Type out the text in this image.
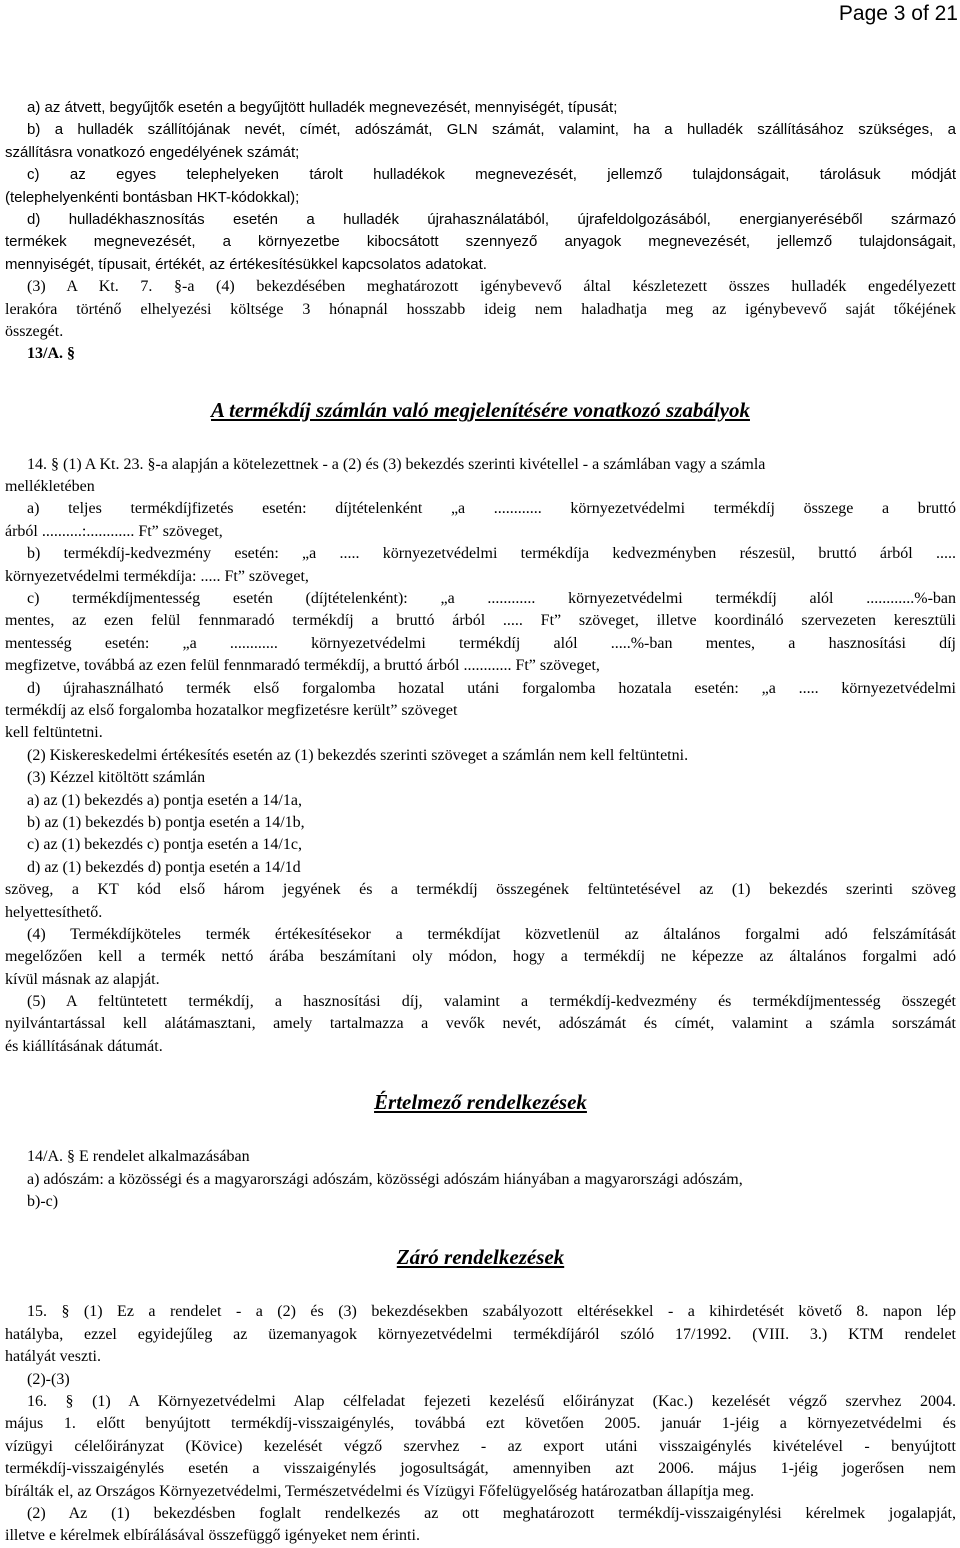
Page 3 of 21
a) az átvett, begyűjtők esetén a begyűjtött hulladék megnevezését, mennyiségét, típusát;
b) a hulladék szállítójának nevét, címét, adószámát, GLN számát, valamint, ha a hulladék szállításához szükséges, a
szállításra vonatkozó engedélyének számát;
c) az egyes telephelyeken tárolt hulladékok megnevezését, jellemző tulajdonságait, tárolásuk módját
(telephelyenkénti bontásban HKT-kódokkal);
d) hulladékhasznosítás esetén a hulladék újrahasználatából, újrafeldolgozásából, energianyeréséből származó
termékek megnevezését, a környezetbe kibocsátott szennyező anyagok megnevezését, jellemző tulajdonságait,
mennyiségét, típusait, értékét, az értékesítésükkel kapcsolatos adatokat.
(3) A Kt. 7. §-a (4) bekezdésében meghatározott igénybevevő által készletezett összes hulladék engedélyezett
lerakóra történő elhelyezési költsége 3 hónapnál hosszabb ideig nem haladhatja meg az igénybevevő saját tőkéjének
összegét.
13/A. §
A termékdíj számlán való megjelenítésére vonatkozó szabályok
14. § (1) A Kt. 23. §-a alapján a kötelezettnek - a (2) és (3) bekezdés szerinti kivétellel - a számlában vagy a számla
mellékletében
a) teljes termékdíjfizetés esetén: díjtételenként „a ............ környezetvédelmi termékdíj összege a bruttó
árból ..........:............ Ft” szöveget,
b) termékdíj-kedvezmény esetén: „a ..... környezetvédelmi termékdíja kedvezményben részesül, bruttó árból .....
környezetvédelmi termékdíja: ..... Ft” szöveget,
c) termékdíjmentesség esetén (díjtételenként): „a ............ környezetvédelmi termékdíj alól ............%-ban
mentes, az ezen felül fennmaradó termékdíj a bruttó árból ..... Ft” szöveget, illetve koordináló szervezeten keresztüli
mentesség esetén: „a ............ környezetvédelmi termékdíj alól .....%-ban mentes, a hasznosítási díj
megfizetve, továbbá az ezen felül fennmaradó termékdíj, a bruttó árból ............ Ft” szöveget,
d) újrahasználható termék első forgalomba hozatal utáni forgalomba hozatala esetén: „a ..... környezetvédelmi
termékdíj az első forgalomba hozatalkor megfizetésre került” szöveget
kell feltüntetni.
(2) Kiskereskedelmi értékesítés esetén az (1) bekezdés szerinti szöveget a számlán nem kell feltüntetni.
(3) Kézzel kitöltött számlán
a) az (1) bekezdés a) pontja esetén a 14/1a,
b) az (1) bekezdés b) pontja esetén a 14/1b,
c) az (1) bekezdés c) pontja esetén a 14/1c,
d) az (1) bekezdés d) pontja esetén a 14/1d
szöveg, a KT kód első három jegyének és a termékdíj összegének feltüntetésével az (1) bekezdés szerinti szöveg
helyettesíthető.
(4) Termékdíjköteles termék értékesítésekor a termékdíjat közvetlenül az általános forgalmi adó felszámítását
megelőzően kell a termék nettó árába beszámítani oly módon, hogy a termékdíj ne képezze az általános forgalmi adó
kívül másnak az alapját.
(5) A feltüntetett termékdíj, a hasznosítási díj, valamint a termékdíj-kedvezmény és termékdíjmentesség összegét
nyilvántartással kell alátámasztani, amely tartalmazza a vevők nevét, adószámát és címét, valamint a számla sorszámát
és kiállításának dátumát.
Értelmező rendelkezések
14/A. § E rendelet alkalmazásában
a) adószám: a közösségi és a magyarországi adószám, közösségi adószám hiányában a magyarországi adószám,
b)-c)
Záró rendelkezések
15. § (1) Ez a rendelet - a (2) és (3) bekezdésekben szabályozott eltérésekkel - a kihirdetését követő 8. napon lép
hatályba, ezzel egyidejűleg az üzemanyagok környezetvédelmi termékdíjáról szóló 17/1992. (VIII. 3.) KTM rendelet
hatályát veszti.
(2)-(3)
16. § (1) A Környezetvédelmi Alap célfeladat fejezeti kezelésű előirányzat (Kac.) kezelését végző szervhez 2004.
május 1. előtt benyújtott termékdíj-visszaigénylés, továbbá ezt követően 2005. január 1-jéig a környezetvédelmi és
vízügyi célelőirányzat (Kövice) kezelését végző szervhez - az export utáni visszaigénylés kivételével - benyújtott
termékdíj-visszaigénylés esetén a visszaigénylés jogosultságát, amennyiben azt 2006. május 1-jéig jogerősen nem
bírálták el, az Országos Környezetvédelmi, Természetvédelmi és Vízügyi Főfelügyelőség határozatban állapítja meg.
(2) Az (1) bekezdésben foglalt rendelkezés az ott meghatározott termékdíj-visszaigénylési kérelmek jogalapját,
illetve e kérelmek elbírálásával összefüggő igényeket nem érinti.
